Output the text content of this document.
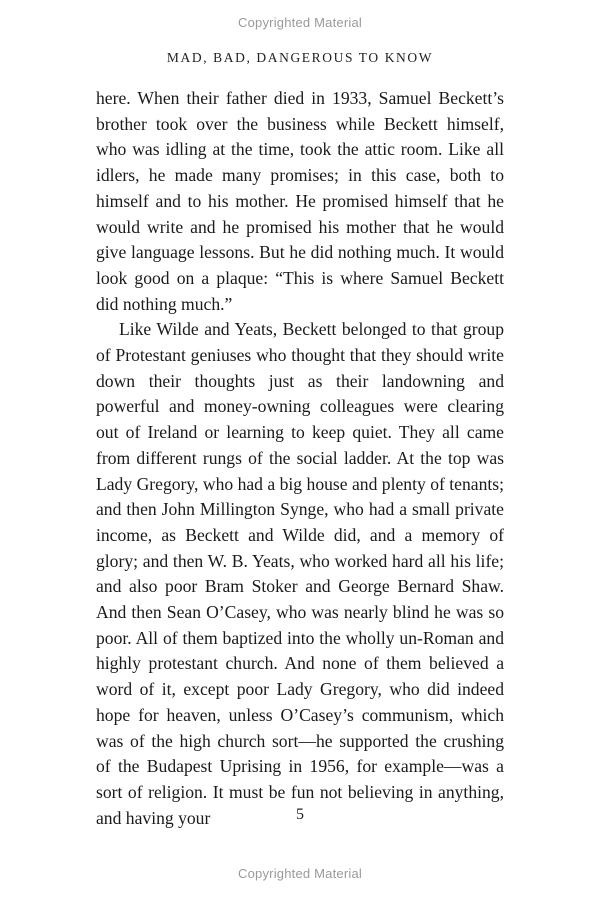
Copyrighted Material
MAD, BAD, DANGEROUS TO KNOW

here. When their father died in 1933, Samuel Beckett’s brother took over the business while Beckett himself, who was idling at the time, took the attic room. Like all idlers, he made many promises; in this case, both to himself and to his mother. He promised himself that he would write and he promised his mother that he would give language lessons. But he did nothing much. It would look good on a plaque: “This is where Samuel Beckett did nothing much.”

Like Wilde and Yeats, Beckett belonged to that group of Protestant geniuses who thought that they should write down their thoughts just as their landowning and powerful and money-owning colleagues were clearing out of Ireland or learning to keep quiet. They all came from different rungs of the social ladder. At the top was Lady Gregory, who had a big house and plenty of tenants; and then John Millington Synge, who had a small private income, as Beckett and Wilde did, and a memory of glory; and then W. B. Yeats, who worked hard all his life; and also poor Bram Stoker and George Bernard Shaw. And then Sean O’Casey, who was nearly blind he was so poor. All of them baptized into the wholly un-Roman and highly protestant church. And none of them believed a word of it, except poor Lady Gregory, who did indeed hope for heaven, unless O’Casey’s communism, which was of the high church sort—he supported the crushing of the Budapest Uprising in 1956, for example—was a sort of religion. It must be fun not believing in anything, and having your	5
Copyrighted Material
